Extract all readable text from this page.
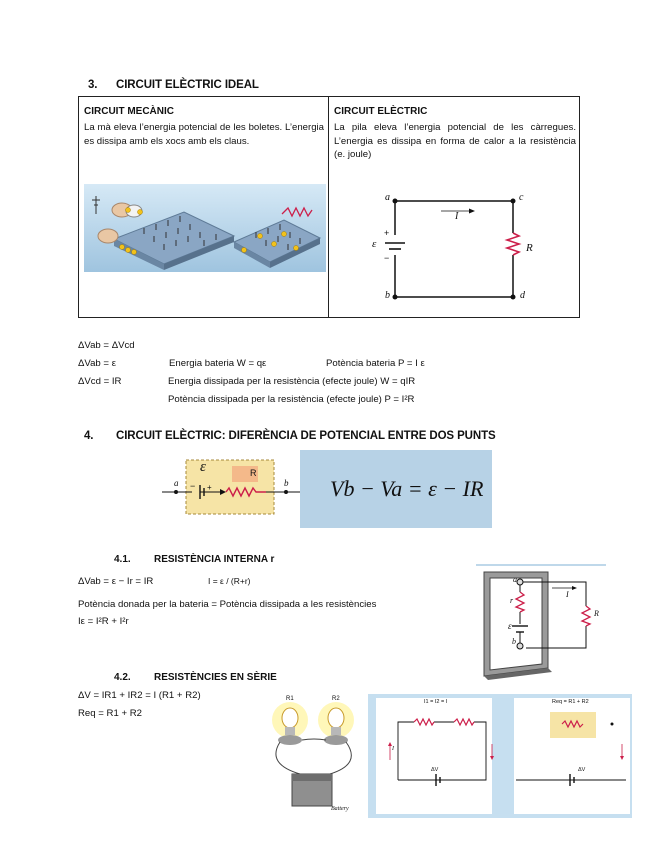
3. CIRCUIT ELÈCTRIC IDEAL
CIRCUIT MECÀNIC
La mà eleva l’energia potencial de les boletes. L’energia es dissipa amb els xocs amb els claus.
CIRCUIT ELÈCTRIC
La pila eleva l’energia potencial de les càrregues. L’energia es dissipa en forma de calor a la resistència (e. joule)
a	c
b	d
I
ε
+
−
R
ΔVab = ΔVcd
ΔVab = ε	Energia bateria W = qε	Potència bateria P = I ε
ΔVcd = IR	Energia dissipada per la resistència (efecte joule) W = qIR
Potència dissipada per la resistència (efecte joule) P = I²R
4. CIRCUIT ELÈCTRIC: DIFERÈNCIA DE POTENCIAL ENTRE DOS PUNTS
a	b
ε	R
− +	Vb − Va = ε − IR
4.1. RESISTÈNCIA INTERNA r
ΔVab = ε − Ir = IR	I = ε / (R+r)
Potència donada per la bateria = Potència dissipada a les resistències
Iε = I²R + I²r
a
b
r
R
ε
I
4.2. RESISTÈNCIES EN SÈRIE
ΔV = IR1 + IR2 = I (R1 + R2)
Req = R1 + R2
R1	R2
Battery
I1 = I2 = I
ΔV
I
Req = R1 + R2
ΔV
